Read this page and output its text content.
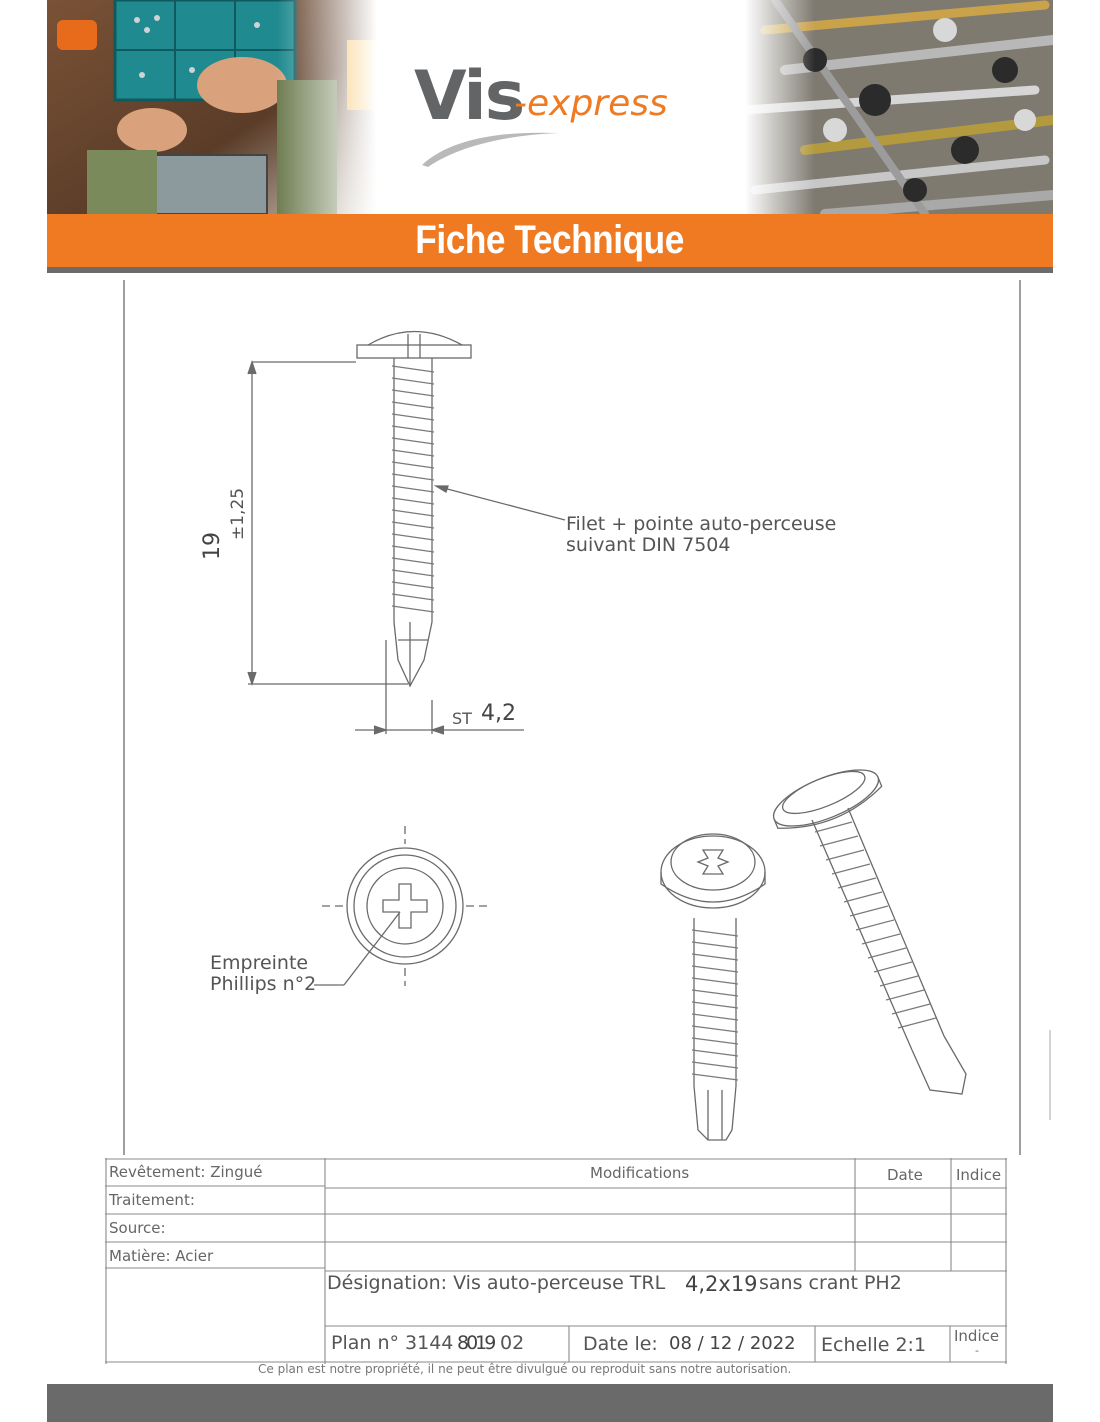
Vis
-express
Fiche Technique
Filet + pointe auto-perceuse
suivant DIN 7504
19
±1,25
ST 4,2
Empreinte
Phillips n°2
Revêtement: Zingué
Traitement:
Source:
Matière: Acier
Modifications	Date Indice
Désignation: Vis auto-perceuse TRL 4,2x19 sans crant PH2
Plan n° 3144 8019 02	Date le: 08 / 12 / 2022 Echelle 2:1 Indice
-
Ce plan est notre propriété, il ne peut être divulgué ou reproduit sans notre autorisation.
